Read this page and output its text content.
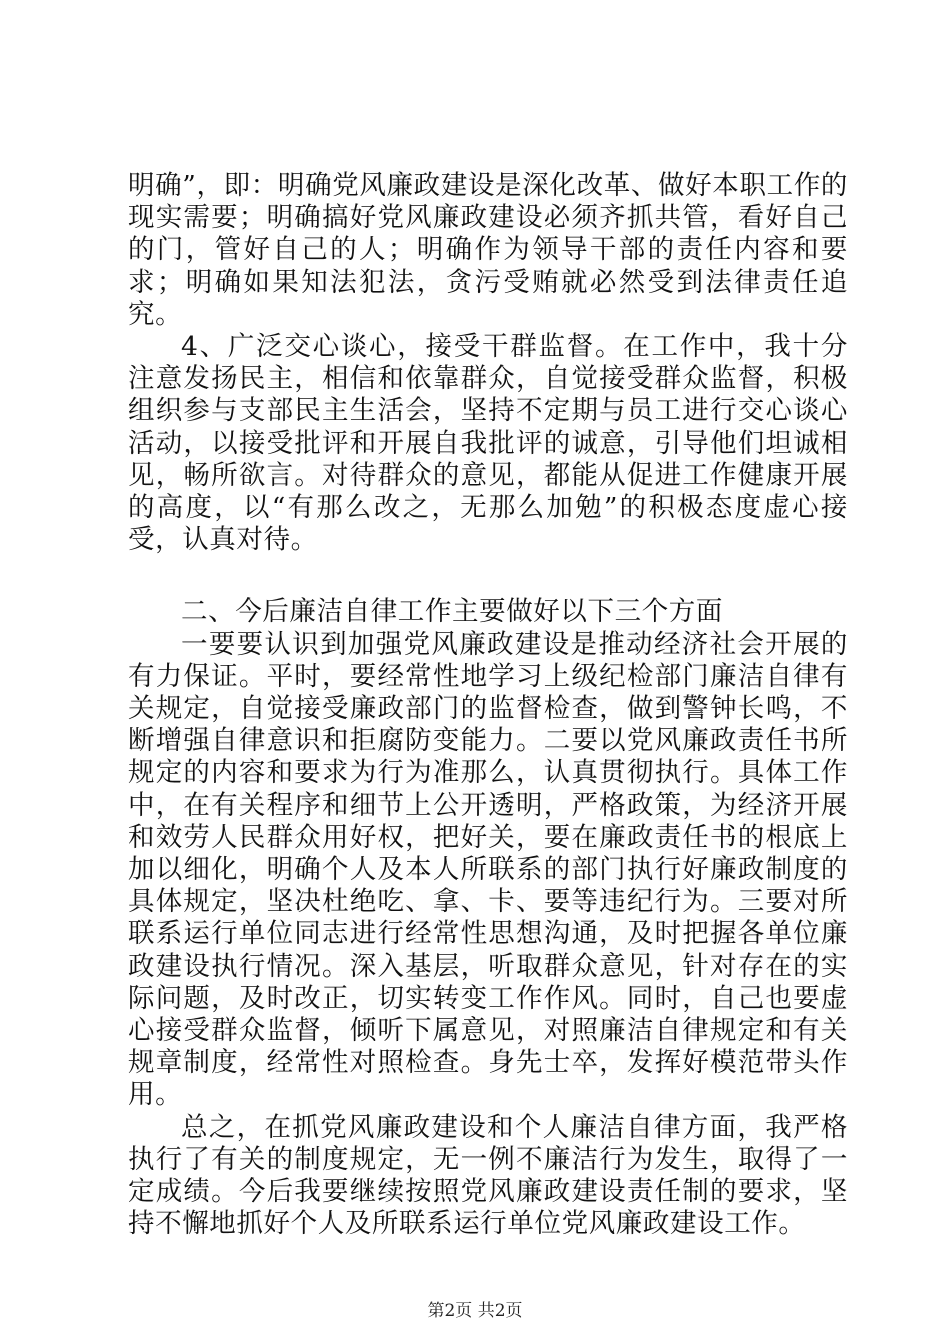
明确”，即：明确党风廉政建设是深化改革、做好本职工作的现实需要；明确搞好党风廉政建设必须齐抓共管，看好自己的门，管好自己的人；明确作为领导干部的责任内容和要求；明确如果知法犯法，贪污受贿就必然受到法律责任追究。

4、广泛交心谈心，接受干群监督。在工作中，我十分注意发扬民主，相信和依靠群众，自觉接受群众监督，积极组织参与支部民主生活会，坚持不定期与员工进行交心谈心活动，以接受批评和开展自我批评的诚意，引导他们坦诚相见，畅所欲言。对待群众的意见，都能从促进工作健康开展的高度，以“有那么改之，无那么加勉”的积极态度虚心接受，认真对待。

二、今后廉洁自律工作主要做好以下三个方面

一要要认识到加强党风廉政建设是推动经济社会开展的有力保证。平时，要经常性地学习上级纪检部门廉洁自律有关规定，自觉接受廉政部门的监督检查，做到警钟长鸣，不断增强自律意识和拒腐防变能力。二要以党风廉政责任书所规定的内容和要求为行为准那么，认真贯彻执行。具体工作中，在有关程序和细节上公开透明，严格政策，为经济开展和效劳人民群众用好权，把好关，要在廉政责任书的根底上加以细化，明确个人及本人所联系的部门执行好廉政制度的具体规定，坚决杜绝吃、拿、卡、要等违纪行为。三要对所联系运行单位同志进行经常性思想沟通，及时把握各单位廉政建设执行情况。深入基层，听取群众意见，针对存在的实际问题，及时改正，切实转变工作作风。同时，自己也要虚心接受群众监督，倾听下属意见，对照廉洁自律规定和有关规章制度，经常性对照检查。身先士卒，发挥好模范带头作用。

总之，在抓党风廉政建设和个人廉洁自律方面，我严格执行了有关的制度规定，无一例不廉洁行为发生，取得了一定成绩。今后我要继续按照党风廉政建设责任制的要求，坚持不懈地抓好个人及所联系运行单位党风廉政建设工作。

第2页 共2页
